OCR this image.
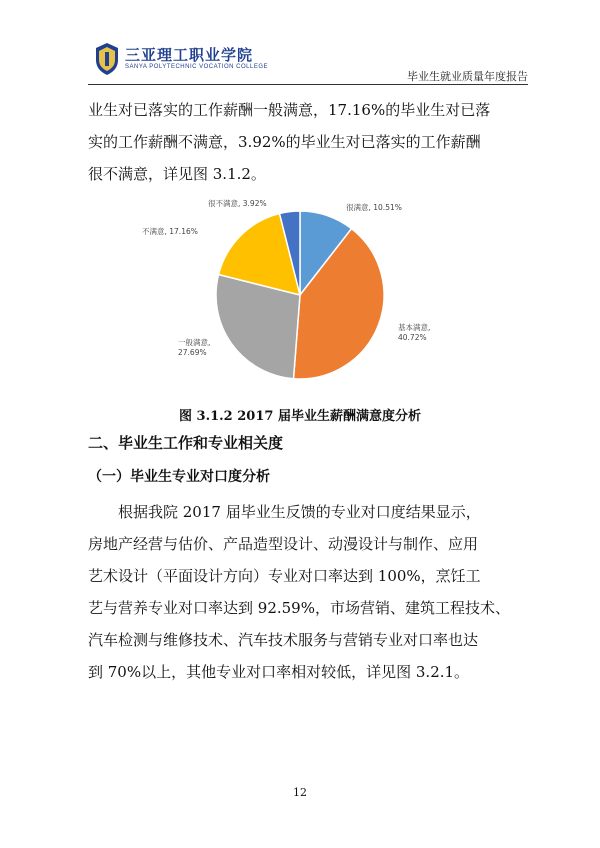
三亚理工职业学院
SANYA POLYTECHNIC VOCATION COLLEGE
毕业生就业质量年度报告
业生对已落实的工作薪酬一般满意，17.16%的毕业生对已落
实的工作薪酬不满意，3.92%的毕业生对已落实的工作薪酬
很不满意，详见图 3.1.2。
很满意, 10.51%
基本满意, 40.72%
一般满意, 27.69%
不满意, 17.16%
很不满意, 3.92%
图 3.1.2 2017 届毕业生薪酬满意度分析
二、毕业生工作和专业相关度
（一）毕业生专业对口度分析
根据我院 2017 届毕业生反馈的专业对口度结果显示，
房地产经营与估价、产品造型设计、动漫设计与制作、应用
艺术设计（平面设计方向）专业对口率达到 100%，烹饪工
艺与营养专业对口率达到 92.59%，市场营销、建筑工程技术、
汽车检测与维修技术、汽车技术服务与营销专业对口率也达
到 70%以上，其他专业对口率相对较低，详见图 3.2.1。
12
